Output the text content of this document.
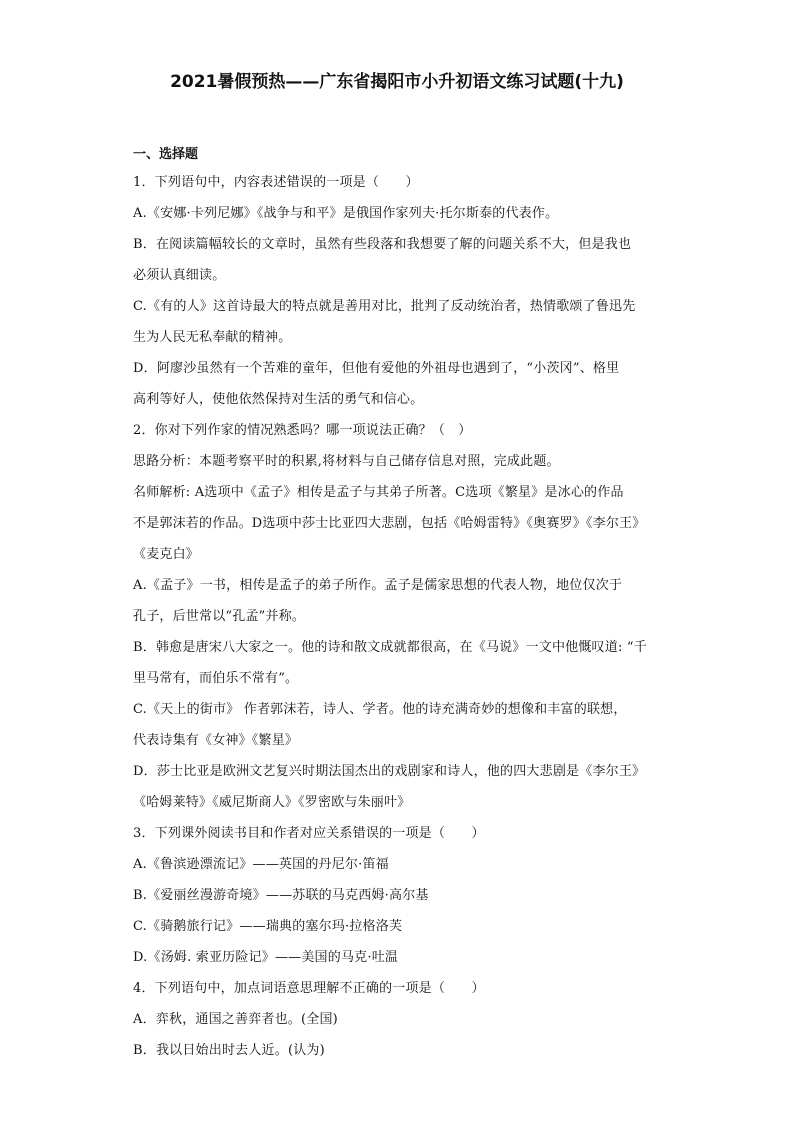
2021暑假预热——广东省揭阳市小升初语文练习试题(十九)
一、选择题
1．下列语句中，内容表述错误的一项是（　　）
A.《安娜·卡列尼娜》《战争与和平》是俄国作家列夫·托尔斯泰的代表作。
B．在阅读篇幅较长的文章时，虽然有些段落和我想要了解的问题关系不大，但是我也
必须认真细读。
C.《有的人》这首诗最大的特点就是善用对比，批判了反动统治者，热情歌颂了鲁迅先
生为人民无私奉献的精神。
D．阿廖沙虽然有一个苦难的童年，但他有爱他的外祖母也遇到了，“小茨冈”、格里
高利等好人，使他依然保持对生活的勇气和信心。
2．你对下列作家的情况熟悉吗？哪一项说法正确？（　）
思路分析：本题考察平时的积累,将材料与自己储存信息对照，完成此题。
名师解析: A选项中《孟子》相传是孟子与其弟子所著。C选项《繁星》是冰心的作品
不是郭沫若的作品。D选项中莎士比亚四大悲剧，包括《哈姆雷特》《奥赛罗》《李尔王》
《麦克白》
A.《孟子》一书，相传是孟子的弟子所作。孟子是儒家思想的代表人物，地位仅次于
孔子，后世常以“孔孟”并称。
B．韩愈是唐宋八大家之一。他的诗和散文成就都很高，在《马说》一文中他慨叹道: “千
里马常有，而伯乐不常有”。
C.《天上的街市》 作者郭沫若，诗人、学者。他的诗充满奇妙的想像和丰富的联想，
代表诗集有《女神》《繁星》
D．莎士比亚是欧洲文艺复兴时期法国杰出的戏剧家和诗人，他的四大悲剧是《李尔王》
《哈姆莱特》《威尼斯商人》《罗密欧与朱丽叶》
3．下列课外阅读书目和作者对应关系错误的一项是（　　）
A.《鲁滨逊漂流记》——英国的丹尼尔·笛福
B.《爱丽丝漫游奇境》——苏联的马克西姆·高尔基
C.《骑鹅旅行记》——瑞典的塞尔玛·拉格洛芙
D.《汤姆. 索亚历险记》——美国的马克·吐温
4．下列语句中，加点词语意思理解不正确的一项是（　　）
A．弈秋，通国之善弈者也。(全国)
B．我以日始出时去人近。(认为)
